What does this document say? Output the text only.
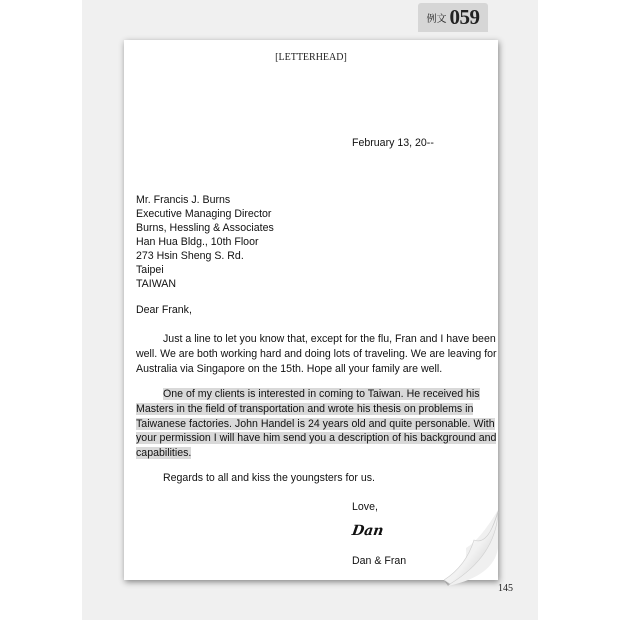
例文 059
[LETTERHEAD]
February 13, 20--
Mr. Francis J. Burns
Executive Managing Director
Burns, Hessling & Associates
Han Hua Bldg., 10th Floor
273 Hsin Sheng S. Rd.
Taipei
TAIWAN
Dear Frank,
Just a line to let you know that, except for the flu, Fran and I have been
well. We are both working hard and doing lots of traveling. We are leaving for
Australia via Singapore on the 15th. Hope all your family are well.
One of my clients is interested in coming to Taiwan. He received his
Masters in the field of transportation and wrote his thesis on problems in
Taiwanese factories. John Handel is 24 years old and quite personable. With
your permission I will have him send you a description of his background and
capabilities.
Regards to all and kiss the youngsters for us.
Love,
Dan
Dan & Fran
145
